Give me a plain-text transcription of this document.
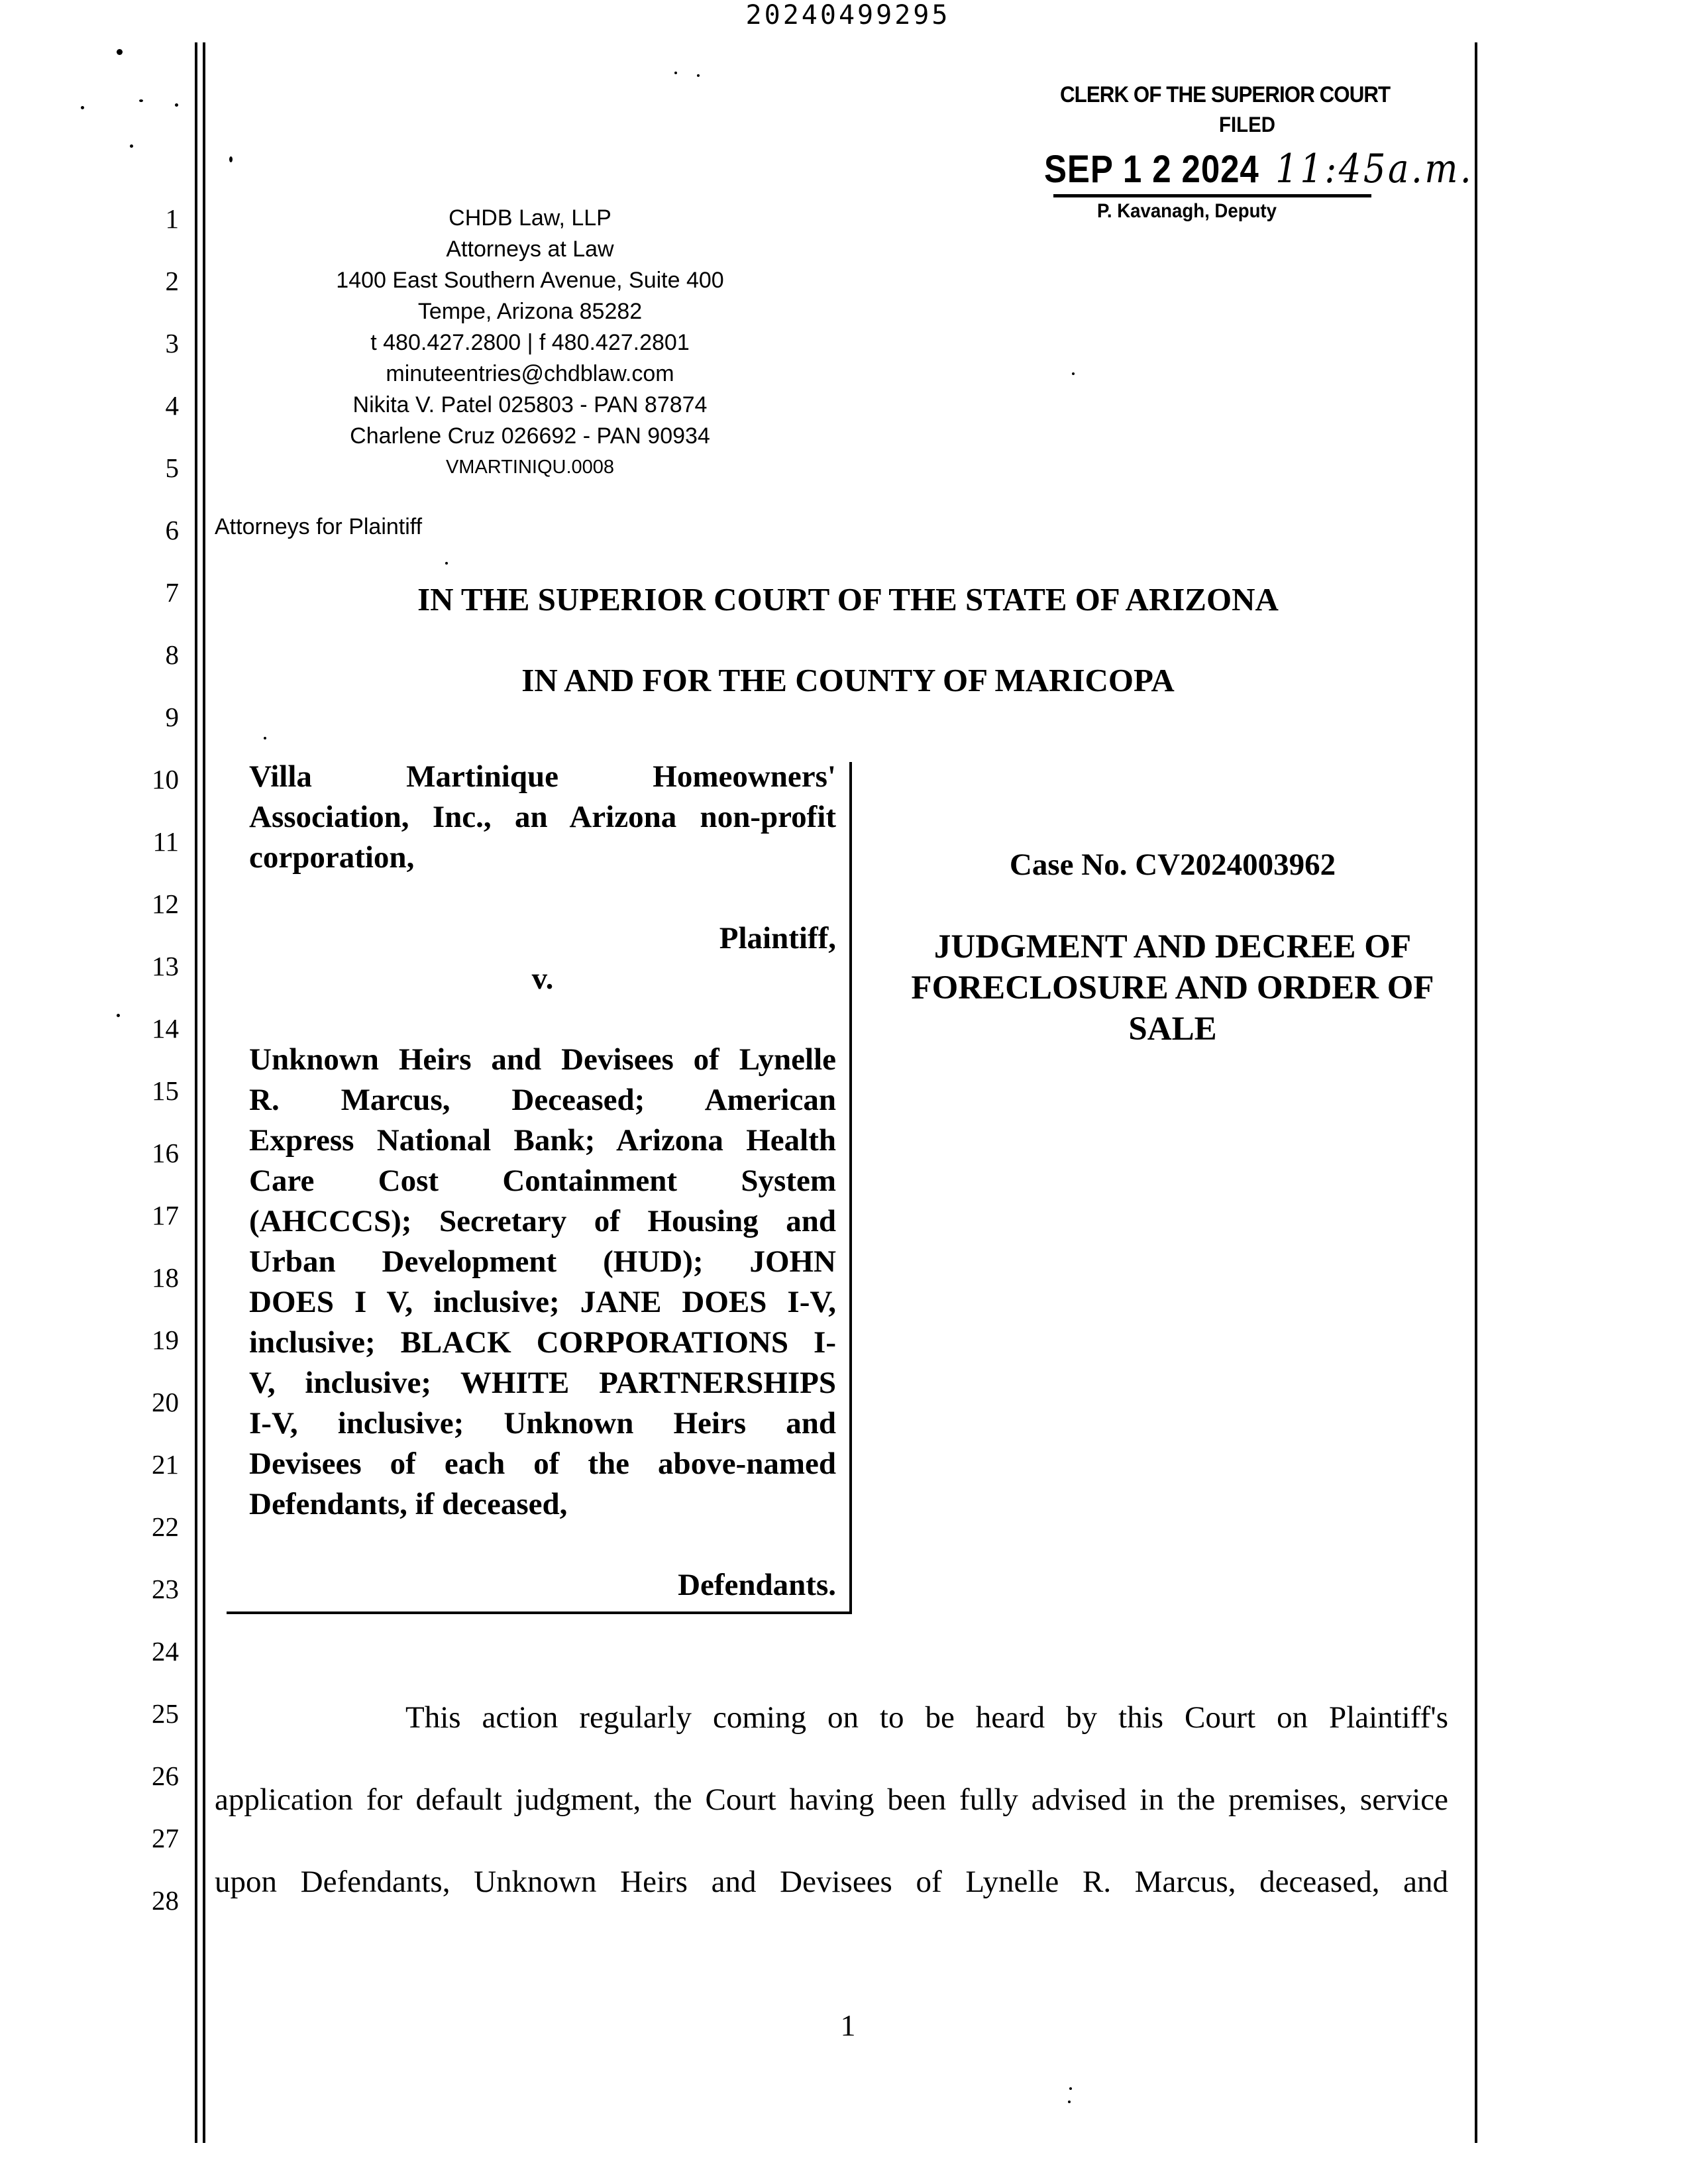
20240499295
1
2
3
4
5
6
7
8
9
10
11
12
13
14
15
16
17
18
19
20
21
22
23
24
25
26
27
28
CHDB Law, LLP
Attorneys at Law
1400 East Southern Avenue, Suite 400
Tempe, Arizona 85282
t 480.427.2800 | f 480.427.2801
minuteentries@chdblaw.com
Nikita V. Patel 025803 - PAN 87874
Charlene Cruz 026692 - PAN 90934
VMARTINIQU.0008
Attorneys for Plaintiff
CLERK OF THE SUPERIOR COURT
FILED
SEP 1 2 2024 11:45a.m.
P. Kavanagh, Deputy
IN THE SUPERIOR COURT OF THE STATE OF ARIZONA
IN AND FOR THE COUNTY OF MARICOPA
Villa Martinique Homeowners'
Association, Inc., an Arizona non-profit
corporation,
Plaintiff,
v.
Unknown Heirs and Devisees of Lynelle
R. Marcus, Deceased; American
Express National Bank; Arizona Health
Care Cost Containment System
(AHCCCS); Secretary of Housing and
Urban Development (HUD); JOHN
DOES I V, inclusive; JANE DOES I-V,
inclusive; BLACK CORPORATIONS I-
V, inclusive; WHITE PARTNERSHIPS
I-V, inclusive; Unknown Heirs and
Devisees of each of the above-named
Defendants, if deceased,
Defendants.
Case No. CV2024003962
JUDGMENT AND DECREE OF
FORECLOSURE AND ORDER OF
SALE
This action regularly coming on to be heard by this Court on Plaintiff's
application for default judgment, the Court having been fully advised in the premises, service
upon Defendants, Unknown Heirs and Devisees of Lynelle R. Marcus, deceased, and
1
